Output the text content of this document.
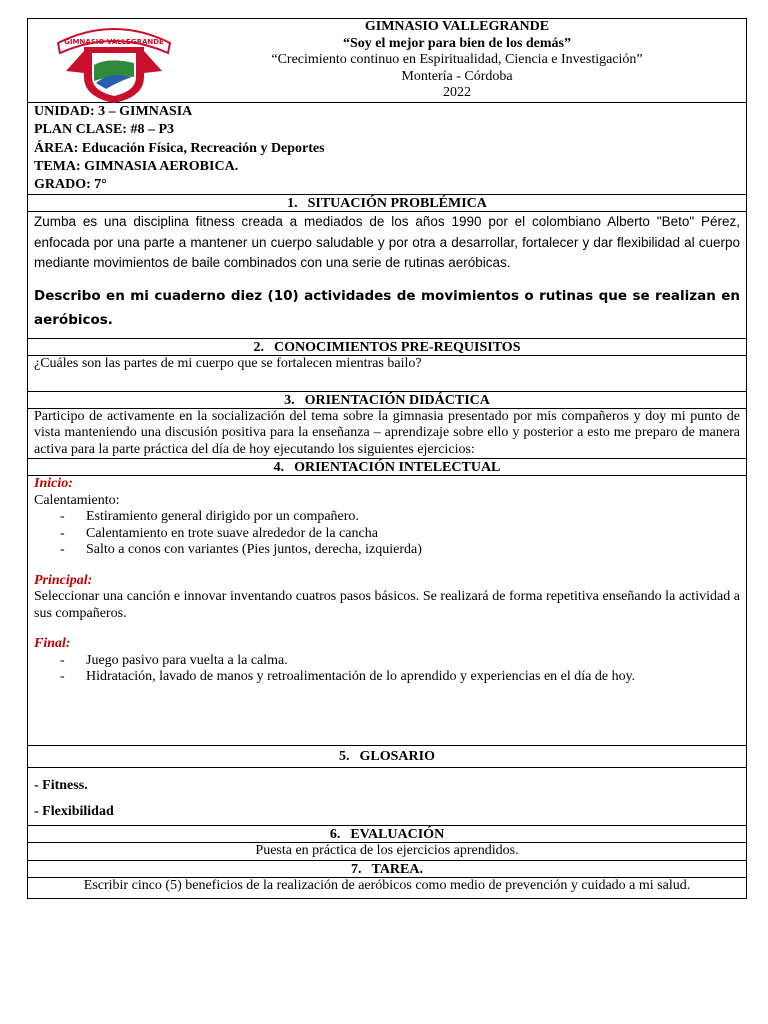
GIMNASIO VALLEGRANDE
GIMNASIO VALLEGRANDE
“Soy el mejor para bien de los demás”
“Crecimiento continuo en Espiritualidad, Ciencia e Investigación”
Montería - Córdoba
2022
UNIDAD: 3 – GIMNASIA
PLAN CLASE: #8 – P3
ÁREA: Educación Física, Recreación y Deportes
TEMA: GIMNASIA AEROBICA.
GRADO: 7°
1. SITUACIÓN PROBLÉMICA
Zumba es una disciplina fitness creada a mediados de los años 1990 por el colombiano Alberto "Beto" Pérez, enfocada por una parte a mantener un cuerpo saludable y por otra a desarrollar, fortalecer y dar flexibilidad al cuerpo mediante movimientos de baile combinados con una serie de rutinas aeróbicas.
Describo en mi cuaderno diez (10) actividades de movimientos o rutinas que se realizan en aeróbicos.
2. CONOCIMIENTOS PRE-REQUISITOS
¿Cuáles son las partes de mi cuerpo que se fortalecen mientras bailo?
3. ORIENTACIÓN DIDÁCTICA
Participo de activamente en la socialización del tema sobre la gimnasia presentado por mis compañeros y doy mi punto de vista manteniendo una discusión positiva para la enseñanza – aprendizaje sobre ello y posterior a esto me preparo de manera activa para la parte práctica del día de hoy ejecutando los siguientes ejercicios:
4. ORIENTACIÓN INTELECTUAL
Inicio:
Calentamiento:
- Estiramiento general dirigido por un compañero.
- Calentamiento en trote suave alrededor de la cancha
- Salto a conos con variantes (Pies juntos, derecha, izquierda)
Principal:
Seleccionar una canción e innovar inventando cuatros pasos básicos. Se realizará de forma repetitiva enseñando la actividad a sus compañeros.
Final:
- Juego pasivo para vuelta a la calma.
- Hidratación, lavado de manos y retroalimentación de lo aprendido y experiencias en el día de hoy.
5. GLOSARIO
- Fitness.
- Flexibilidad
6. EVALUACIÓN
Puesta en práctica de los ejercicios aprendidos.
7. TAREA.
Escribir cinco (5) beneficios de la realización de aeróbicos como medio de prevención y cuidado a mi salud.
